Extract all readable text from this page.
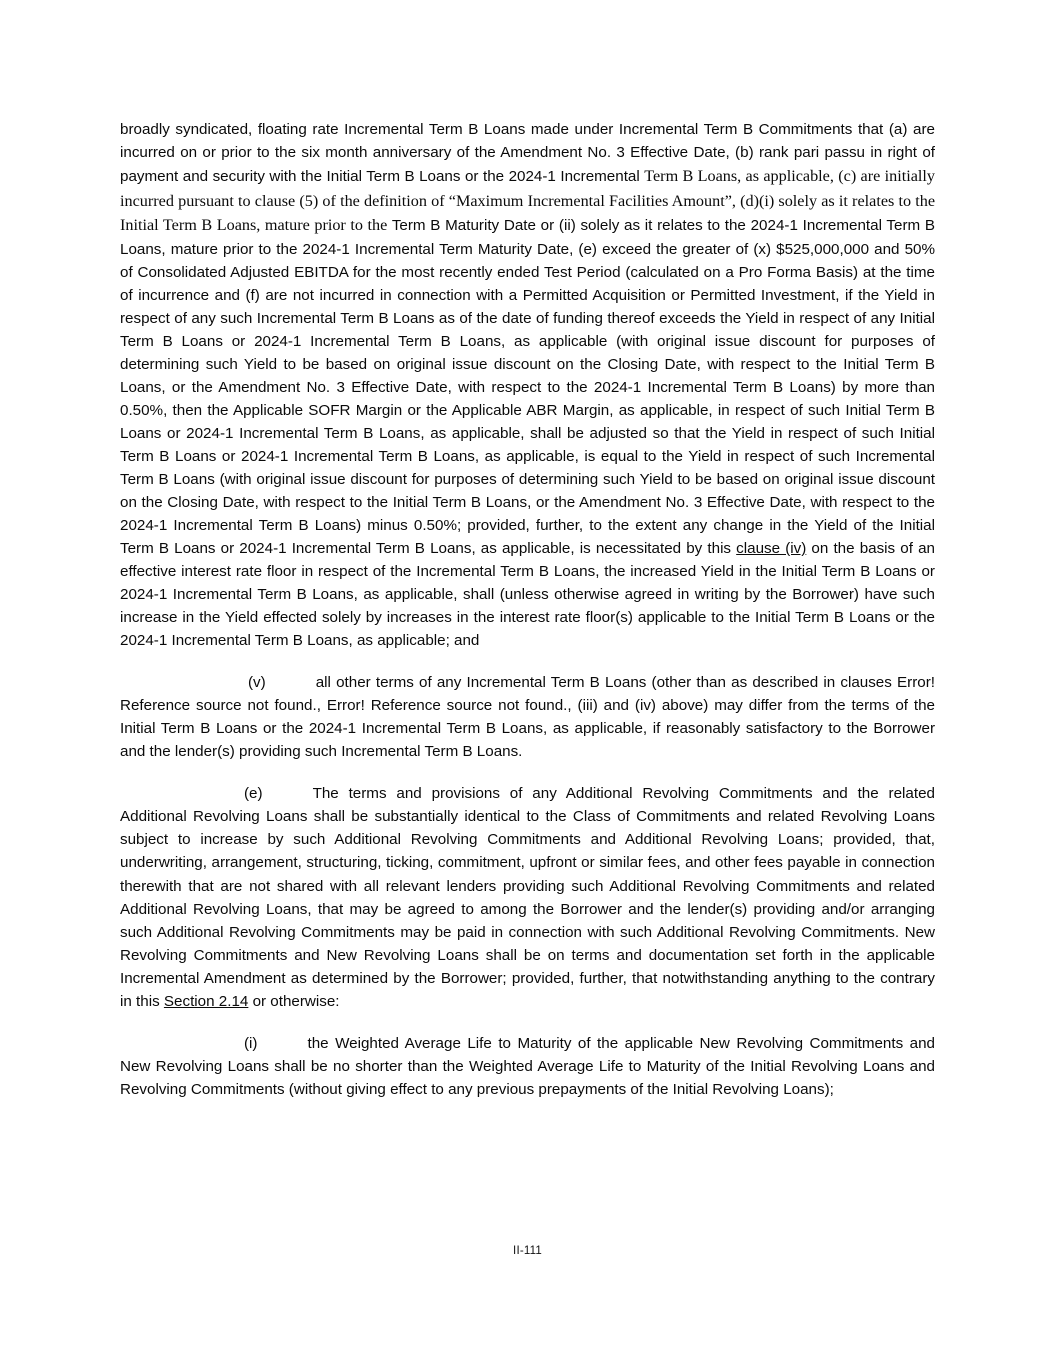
broadly syndicated, floating rate Incremental Term B Loans made under Incremental Term B Commitments that (a) are incurred on or prior to the six month anniversary of the Amendment No. 3 Effective Date, (b) rank pari passu in right of payment and security with the Initial Term B Loans or the 2024-1 Incremental Term B Loans, as applicable, (c) are initially incurred pursuant to clause (5) of the definition of “Maximum Incremental Facilities Amount”, (d)(i) solely as it relates to the Initial Term B Loans, mature prior to the Term B Maturity Date or (ii) solely as it relates to the 2024-1 Incremental Term B Loans, mature prior to the 2024-1 Incremental Term Maturity Date, (e) exceed the greater of (x) $525,000,000 and 50% of Consolidated Adjusted EBITDA for the most recently ended Test Period (calculated on a Pro Forma Basis) at the time of incurrence and (f) are not incurred in connection with a Permitted Acquisition or Permitted Investment, if the Yield in respect of any such Incremental Term B Loans as of the date of funding thereof exceeds the Yield in respect of any Initial Term B Loans or 2024-1 Incremental Term B Loans, as applicable (with original issue discount for purposes of determining such Yield to be based on original issue discount on the Closing Date, with respect to the Initial Term B Loans, or the Amendment No. 3 Effective Date, with respect to the 2024-1 Incremental Term B Loans) by more than 0.50%, then the Applicable SOFR Margin or the Applicable ABR Margin, as applicable, in respect of such Initial Term B Loans or 2024-1 Incremental Term B Loans, as applicable, shall be adjusted so that the Yield in respect of such Initial Term B Loans or 2024-1 Incremental Term B Loans, as applicable, is equal to the Yield in respect of such Incremental Term B Loans (with original issue discount for purposes of determining such Yield to be based on original issue discount on the Closing Date, with respect to the Initial Term B Loans, or the Amendment No. 3 Effective Date, with respect to the 2024-1 Incremental Term B Loans) minus 0.50%; provided, further, to the extent any change in the Yield of the Initial Term B Loans or 2024-1 Incremental Term B Loans, as applicable, is necessitated by this clause (iv) on the basis of an effective interest rate floor in respect of the Incremental Term B Loans, the increased Yield in the Initial Term B Loans or 2024-1 Incremental Term B Loans, as applicable, shall (unless otherwise agreed in writing by the Borrower) have such increase in the Yield effected solely by increases in the interest rate floor(s) applicable to the Initial Term B Loans or the 2024-1 Incremental Term B Loans, as applicable; and

(v)	all other terms of any Incremental Term B Loans (other than as described in clauses Error! Reference source not found., Error! Reference source not found., (iii) and (iv) above) may differ from the terms of the Initial Term B Loans or the 2024-1 Incremental Term B Loans, as applicable, if reasonably satisfactory to the Borrower and the lender(s) providing such Incremental Term B Loans.

(e)	The terms and provisions of any Additional Revolving Commitments and the related Additional Revolving Loans shall be substantially identical to the Class of Commitments and related Revolving Loans subject to increase by such Additional Revolving Commitments and Additional Revolving Loans; provided, that, underwriting, arrangement, structuring, ticking, commitment, upfront or similar fees, and other fees payable in connection therewith that are not shared with all relevant lenders providing such Additional Revolving Commitments and related Additional Revolving Loans, that may be agreed to among the Borrower and the lender(s) providing and/or arranging such Additional Revolving Commitments may be paid in connection with such Additional Revolving Commitments. New Revolving Commitments and New Revolving Loans shall be on terms and documentation set forth in the applicable Incremental Amendment as determined by the Borrower; provided, further, that notwithstanding anything to the contrary in this Section 2.14 or otherwise:

(i)	the Weighted Average Life to Maturity of the applicable New Revolving Commitments and New Revolving Loans shall be no shorter than the Weighted Average Life to Maturity of the Initial Revolving Loans and Revolving Commitments (without giving effect to any previous prepayments of the Initial Revolving Loans);

II-111
